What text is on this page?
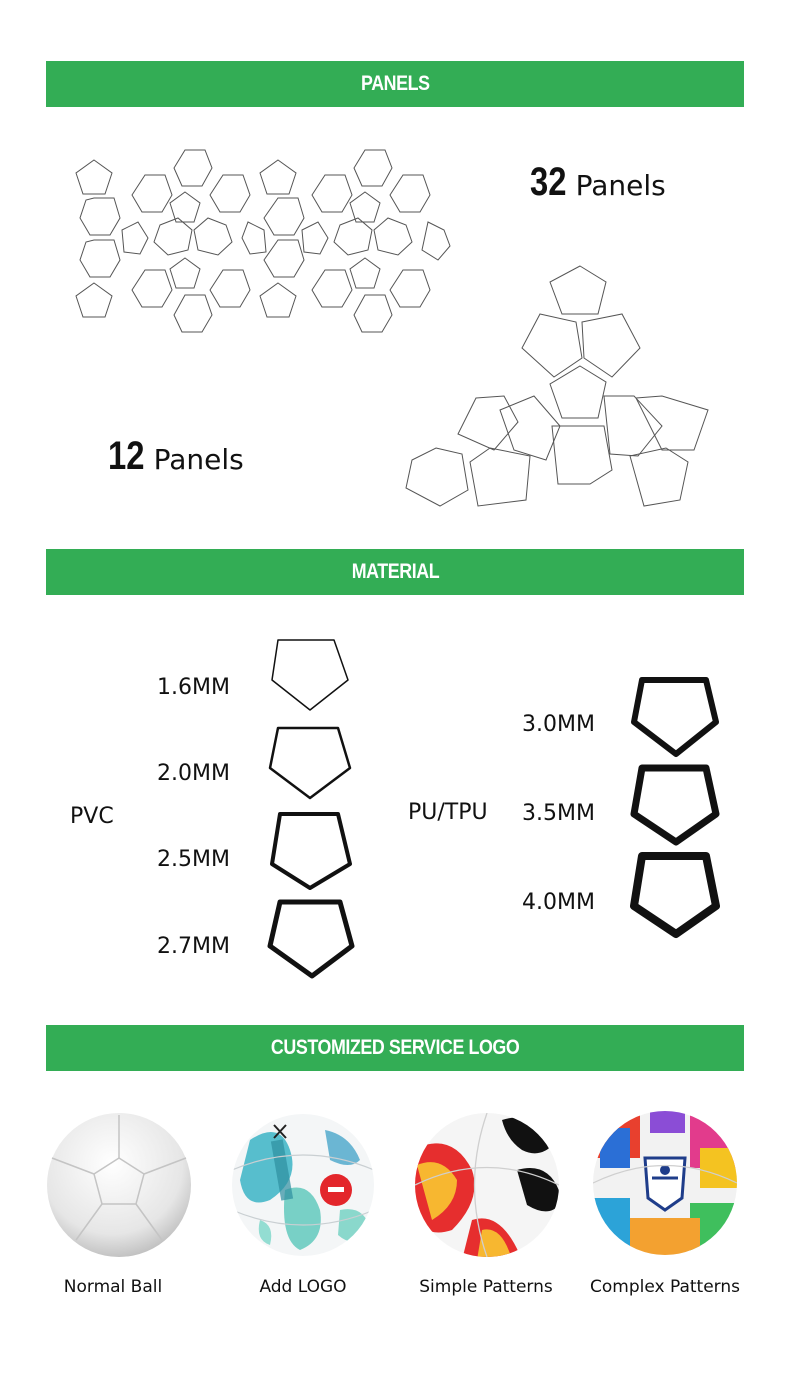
PANELS
32 Panels
12 Panels
MATERIAL
PVC	PU/TPU
1.6MM
2.0MM
2.5MM
2.7MM
3.0MM
3.5MM
4.0MM
CUSTOMIZED SERVICE LOGO
Normal Ball	Add LOGO	Simple Patterns	Complex Patterns
